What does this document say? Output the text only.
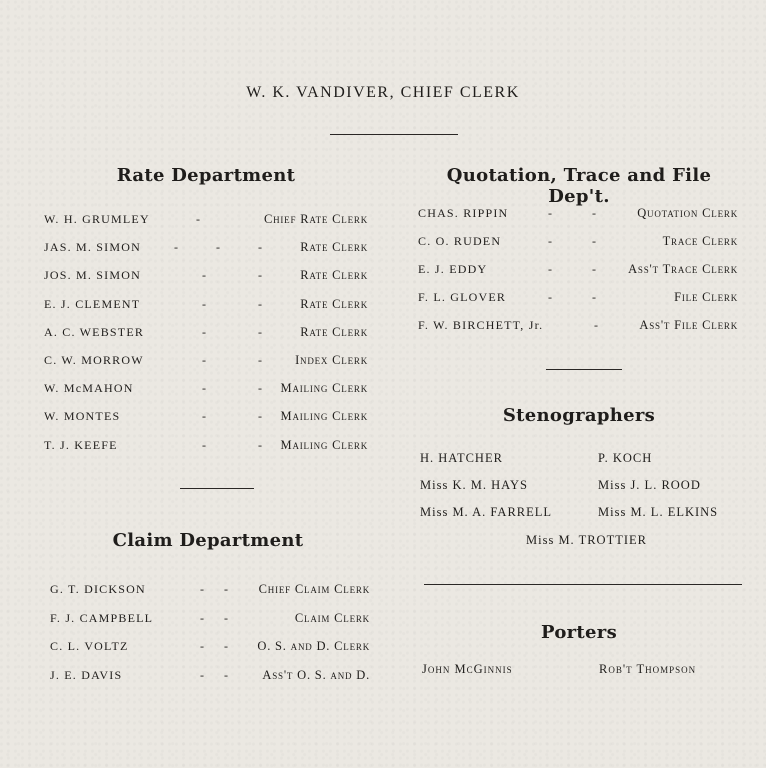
W. K. VANDIVER, CHIEF CLERK
Rate Department
W. H. GRUMLEY	-	Chief Rate Clerk
JAS. M. SIMON	-	-	-	Rate Clerk
JOS. M. SIMON	-	-	Rate Clerk
E. J. CLEMENT	-	-	Rate Clerk
A. C. WEBSTER	-	-	Rate Clerk
C. W. MORROW	-	-	Index Clerk
W. McMAHON	-	- Mailing Clerk
W. MONTES	-	- Mailing Clerk
T. J. KEEFE	-	- Mailing Clerk
Claim Department
G. T. DICKSON	- - Chief Claim Clerk
F. J. CAMPBELL	- -	Claim Clerk
C. L. VOLTZ	- - O. S. and D. Clerk
J. E. DAVIS	- -	Ass't O. S. and D.
Quotation, Trace and File Dep't.
CHAS. RIPPIN	-	-	Quotation Clerk
C. O. RUDEN	-	-	Trace Clerk
E. J. EDDY	-	- Ass't Trace Clerk
F. L. GLOVER	-	-	File Clerk
F. W. BIRCHETT, Jr.	-	Ass't File Clerk
Stenographers
H. HATCHER	P. KOCH
Miss K. M. HAYS	Miss J. L. ROOD
Miss M. A. FARRELL	Miss M. L. ELKINS
Miss M. TROTTIER
Porters
John McGinnis	Rob't Thompson
